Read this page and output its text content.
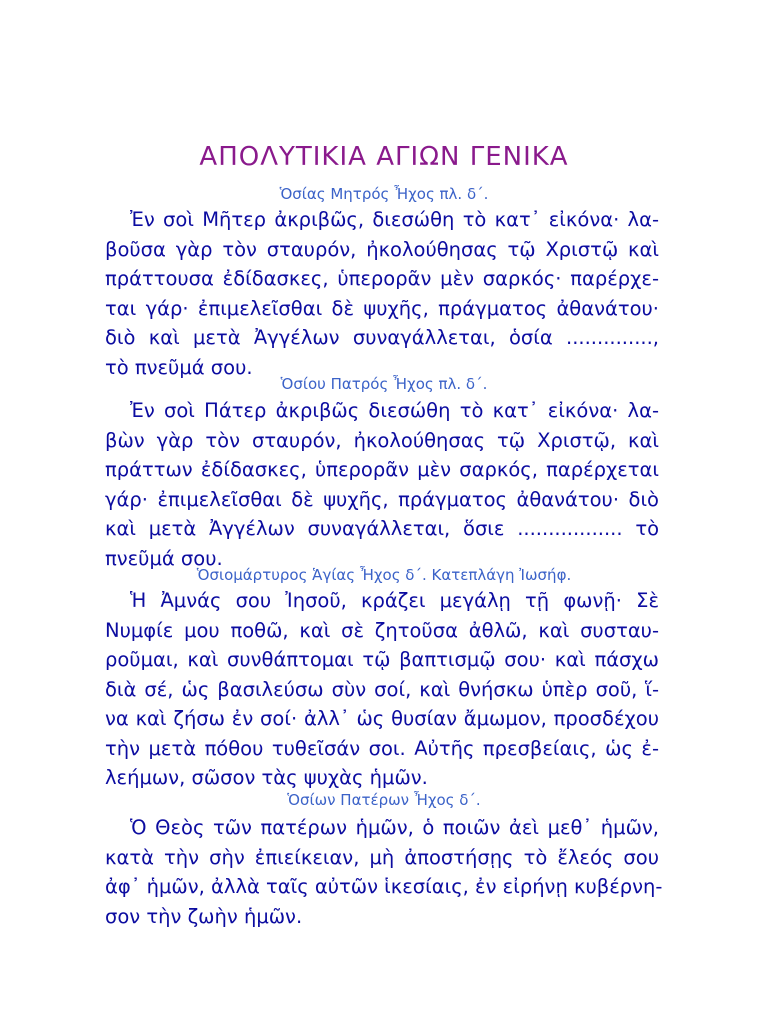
ΑΠΟΛΥΤΙΚΙΑ ΑΓΙΩΝ ΓΕΝΙΚΑ
Ὁσίας Μητρός Ἦχος πλ. δ΄.
Ἐν σοὶ Μῆτερ ἀκριβῶς, διεσώθη τὸ κατ᾽ εἰκόνα· λα-
βοῦσα γὰρ τὸν σταυρόν, ἠκολούθησας τῷ Χριστῷ καὶ
πράττουσα ἐδίδασκες, ὑπερορᾶν μὲν σαρκός· παρέρχε-
ται γάρ· ἐπιμελεῖσθαι δὲ ψυχῆς, πράγματος ἀθανάτου·
διὸ καὶ μετὰ Ἀγγέλων συναγάλλεται, ὁσία ..............,
τὸ πνεῦμά σου.
Ὁσίου Πατρός Ἦχος πλ. δ΄.
Ἐν σοὶ Πάτερ ἀκριβῶς διεσώθη τὸ κατ᾽ εἰκόνα· λα-
βὼν γὰρ τὸν σταυρόν, ἠκολούθησας τῷ Χριστῷ, καὶ
πράττων ἐδίδασκες, ὑπερορᾶν μὲν σαρκός, παρέρχεται
γάρ· ἐπιμελεῖσθαι δὲ ψυχῆς, πράγματος ἀθανάτου· διὸ
καὶ μετὰ Ἀγγέλων συναγάλλεται, ὅσιε ................. τὸ
πνεῦμά σου.
Ὁσιομάρτυρος Ἁγίας Ἦχος δ΄. Κατεπλάγη Ἰωσήφ.
Ἡ Ἀμνάς σου Ἰησοῦ, κράζει μεγάλῃ τῇ φωνῇ· Σὲ
Νυμφίε μου ποθῶ, καὶ σὲ ζητοῦσα ἀθλῶ, καὶ συσταυ-
ροῦμαι, καὶ συνθάπτομαι τῷ βαπτισμῷ σου· καὶ πάσχω
διὰ σέ, ὡς βασιλεύσω σὺν σοί, καὶ θνήσκω ὑπὲρ σοῦ, ἵ-
να καὶ ζήσω ἐν σοί· ἀλλ᾽ ὡς θυσίαν ἄμωμον, προσδέχου
τὴν μετὰ πόθου τυθεῖσάν σοι. Αὐτῆς πρεσβείαις, ὡς ἐ-
λεήμων, σῶσον τὰς ψυχὰς ἡμῶν.
Ὁσίων Πατέρων Ἦχος δ΄.
Ὁ Θεὸς τῶν πατέρων ἡμῶν, ὁ ποιῶν ἀεὶ μεθ᾽ ἡμῶν,
κατὰ τὴν σὴν ἐπιείκειαν, μὴ ἀποστήσῃς τὸ ἔλεός σου
ἀφ᾽ ἡμῶν, ἀλλὰ ταῖς αὐτῶν ἱκεσίαις, ἐν εἰρήνῃ κυβέρνη-
σον τὴν ζωὴν ἡμῶν.
